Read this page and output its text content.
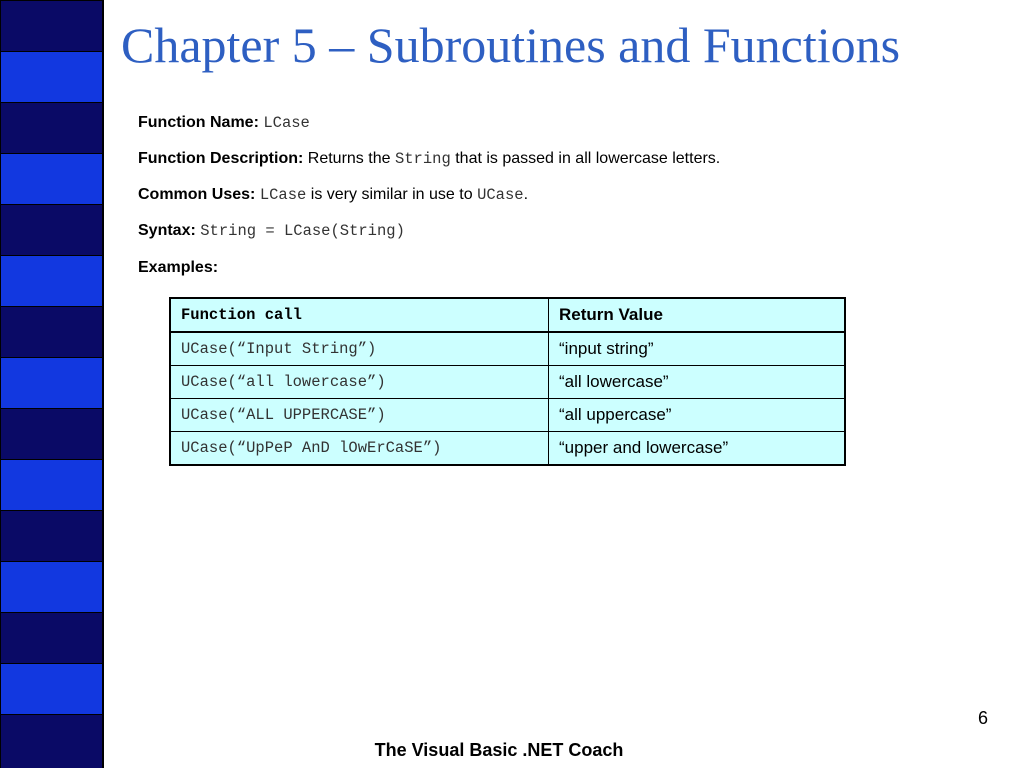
Chapter 5 – Subroutines and Functions
Function Name: LCase
Function Description: Returns the String that is passed in all lowercase letters.
Common Uses: LCase is very similar in use to UCase.
Syntax: String = LCase(String)
Examples:
Function call	Return Value
UCase(“Input String”)	“input string”
UCase(“all lowercase”)	“all lowercase”
UCase(“ALL UPPERCASE”)	“all uppercase”
UCase(“UpPeP AnD lOwErCaSE”)	“upper and lowercase”
6
The Visual Basic .NET Coach
